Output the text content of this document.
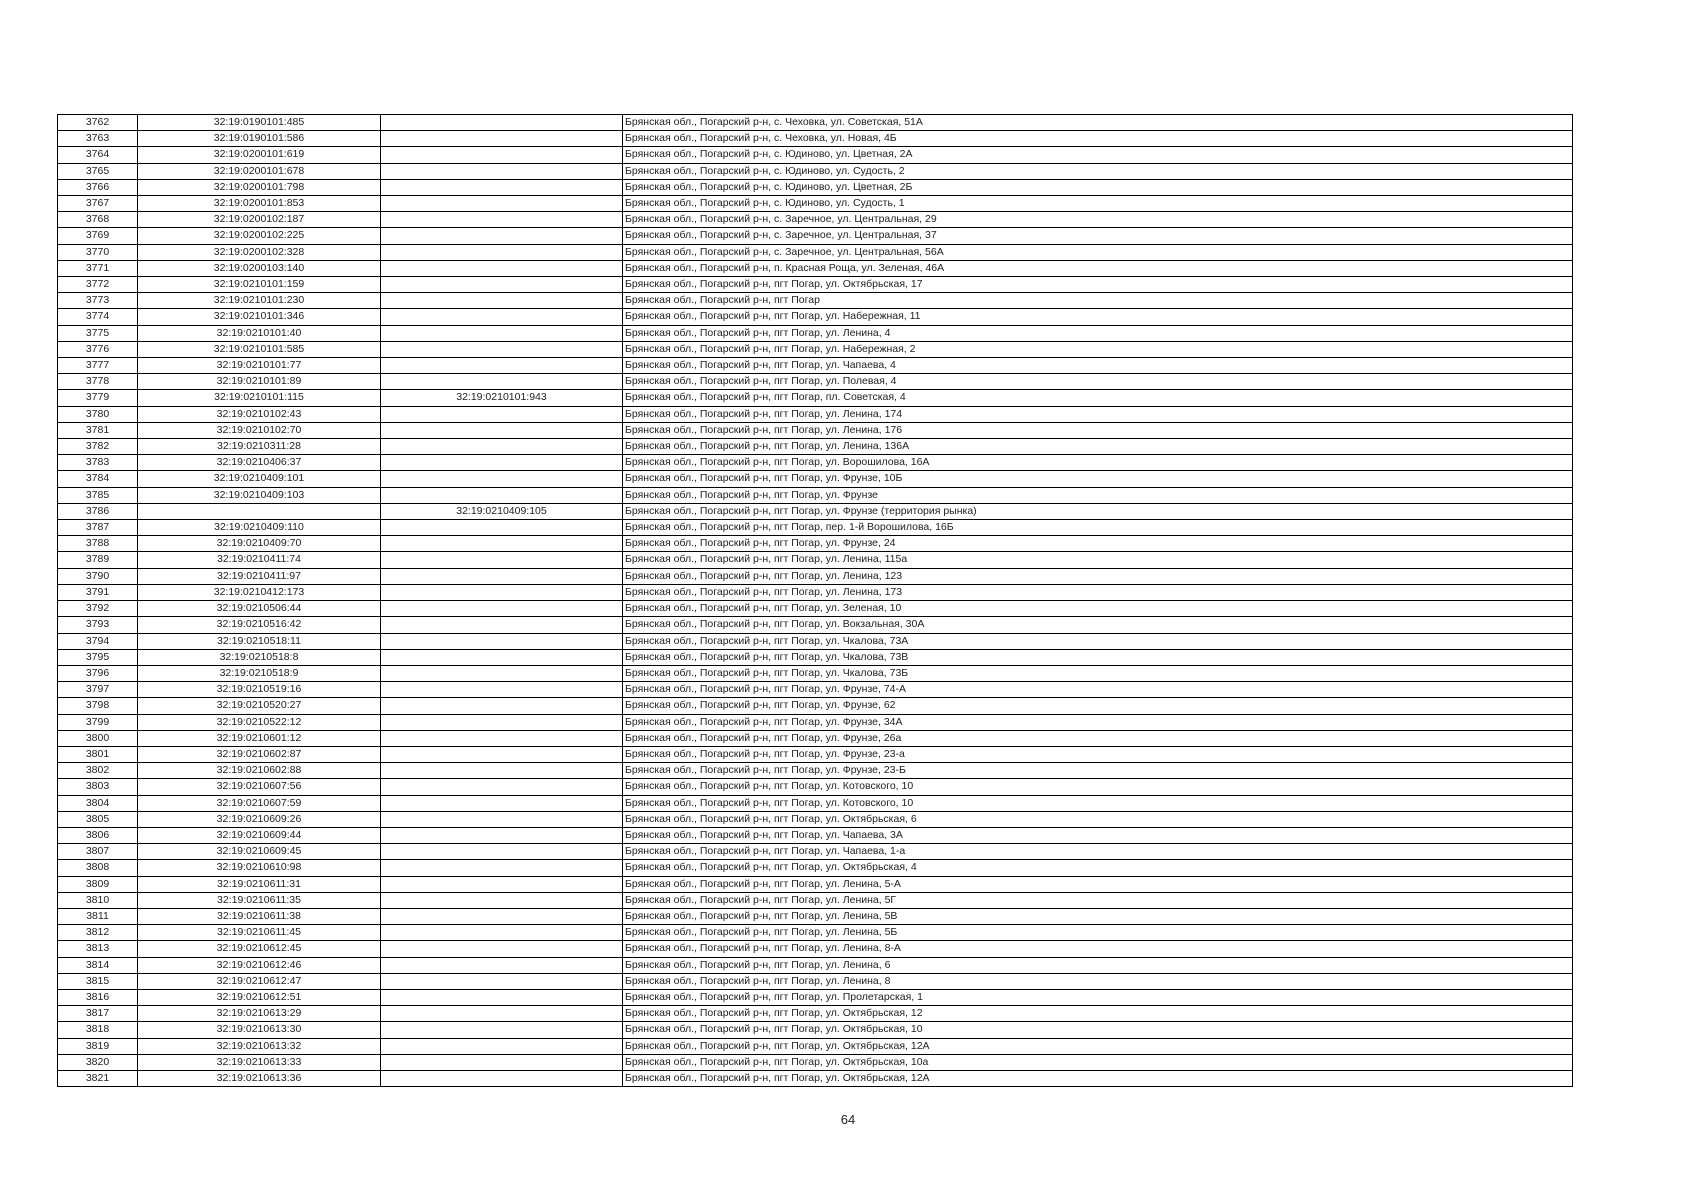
3762	32:19:0190101:485		Брянская обл., Погарский р-н, с. Чеховка, ул. Советская, 51А
3763	32:19:0190101:586		Брянская обл., Погарский р-н, с. Чеховка, ул. Новая, 4Б
3764	32:19:0200101:619		Брянская обл., Погарский р-н, с. Юдиново, ул. Цветная, 2А
3765	32:19:0200101:678		Брянская обл., Погарский р-н, с. Юдиново, ул. Судость, 2
3766	32:19:0200101:798		Брянская обл., Погарский р-н, с. Юдиново, ул. Цветная, 2Б
3767	32:19:0200101:853		Брянская обл., Погарский р-н, с. Юдиново, ул. Судость, 1
3768	32:19:0200102:187		Брянская обл., Погарский р-н, с. Заречное, ул. Центральная, 29
3769	32:19:0200102:225		Брянская обл., Погарский р-н, с. Заречное, ул. Центральная, 37
3770	32:19:0200102:328		Брянская обл., Погарский р-н, с. Заречное, ул. Центральная, 56А
3771	32:19:0200103:140		Брянская обл., Погарский р-н, п. Красная Роща, ул. Зеленая, 46А
3772	32:19:0210101:159		Брянская обл., Погарский р-н, пгт Погар, ул. Октябрьская, 17
3773	32:19:0210101:230		Брянская обл., Погарский р-н, пгт Погар
3774	32:19:0210101:346		Брянская обл., Погарский р-н, пгт Погар, ул. Набережная, 11
3775	32:19:0210101:40		Брянская обл., Погарский р-н, пгт Погар, ул. Ленина, 4
3776	32:19:0210101:585		Брянская обл., Погарский р-н, пгт Погар, ул. Набережная, 2
3777	32:19:0210101:77		Брянская обл., Погарский р-н, пгт Погар, ул. Чапаева, 4
3778	32:19:0210101:89		Брянская обл., Погарский р-н, пгт Погар, ул. Полевая, 4
3779	32:19:0210101:115	32:19:0210101:943	Брянская обл., Погарский р-н, пгт Погар, пл. Советская, 4
3780	32:19:0210102:43		Брянская обл., Погарский р-н, пгт Погар, ул. Ленина, 174
3781	32:19:0210102:70		Брянская обл., Погарский р-н, пгт Погар, ул. Ленина, 176
3782	32:19:0210311:28		Брянская обл., Погарский р-н, пгт Погар, ул. Ленина, 136А
3783	32:19:0210406:37		Брянская обл., Погарский р-н, пгт Погар, ул. Ворошилова, 16А
3784	32:19:0210409:101		Брянская обл., Погарский р-н, пгт Погар, ул. Фрунзе, 10Б
3785	32:19:0210409:103		Брянская обл., Погарский р-н, пгт Погар, ул. Фрунзе
3786		32:19:0210409:105	Брянская обл., Погарский р-н, пгт Погар, ул. Фрунзе (территория рынка)
3787	32:19:0210409:110		Брянская обл., Погарский р-н, пгт Погар, пер. 1-й Ворошилова, 16Б
3788	32:19:0210409:70		Брянская обл., Погарский р-н, пгт Погар, ул. Фрунзе, 24
3789	32:19:0210411:74		Брянская обл., Погарский р-н, пгт Погар, ул. Ленина, 115а
3790	32:19:0210411:97		Брянская обл., Погарский р-н, пгт Погар, ул. Ленина, 123
3791	32:19:0210412:173		Брянская обл., Погарский р-н, пгт Погар, ул. Ленина, 173
3792	32:19:0210506:44		Брянская обл., Погарский р-н, пгт Погар, ул. Зеленая, 10
3793	32:19:0210516:42		Брянская обл., Погарский р-н, пгт Погар, ул. Вокзальная, 30А
3794	32:19:0210518:11		Брянская обл., Погарский р-н, пгт Погар, ул. Чкалова, 73А
3795	32:19:0210518:8		Брянская обл., Погарский р-н, пгт Погар, ул. Чкалова, 73В
3796	32:19:0210518:9		Брянская обл., Погарский р-н, пгт Погар, ул. Чкалова, 73Б
3797	32:19:0210519:16		Брянская обл., Погарский р-н, пгт Погар, ул. Фрунзе, 74-А
3798	32:19:0210520:27		Брянская обл., Погарский р-н, пгт Погар, ул. Фрунзе, 62
3799	32:19:0210522:12		Брянская обл., Погарский р-н, пгт Погар, ул. Фрунзе, 34А
3800	32:19:0210601:12		Брянская обл., Погарский р-н, пгт Погар, ул. Фрунзе, 26а
3801	32:19:0210602:87		Брянская обл., Погарский р-н, пгт Погар, ул. Фрунзе, 23-а
3802	32:19:0210602:88		Брянская обл., Погарский р-н, пгт Погар, ул. Фрунзе, 23-Б
3803	32:19:0210607:56		Брянская обл., Погарский р-н, пгт Погар, ул. Котовского, 10
3804	32:19:0210607:59		Брянская обл., Погарский р-н, пгт Погар, ул. Котовского, 10
3805	32:19:0210609:26		Брянская обл., Погарский р-н, пгт Погар, ул. Октябрьская, 6
3806	32:19:0210609:44		Брянская обл., Погарский р-н, пгт Погар, ул. Чапаева, 3А
3807	32:19:0210609:45		Брянская обл., Погарский р-н, пгт Погар, ул. Чапаева, 1-а
3808	32:19:0210610:98		Брянская обл., Погарский р-н, пгт Погар, ул. Октябрьская, 4
3809	32:19:0210611:31		Брянская обл., Погарский р-н, пгт Погар, ул. Ленина, 5-А
3810	32:19:0210611:35		Брянская обл., Погарский р-н, пгт Погар, ул. Ленина, 5Г
3811	32:19:0210611:38		Брянская обл., Погарский р-н, пгт Погар, ул. Ленина, 5В
3812	32:19:0210611:45		Брянская обл., Погарский р-н, пгт Погар, ул. Ленина, 5Б
3813	32:19:0210612:45		Брянская обл., Погарский р-н, пгт Погар, ул. Ленина, 8-А
3814	32:19:0210612:46		Брянская обл., Погарский р-н, пгт Погар, ул. Ленина, 6
3815	32:19:0210612:47		Брянская обл., Погарский р-н, пгт Погар, ул. Ленина, 8
3816	32:19:0210612:51		Брянская обл., Погарский р-н, пгт Погар, ул. Пролетарская, 1
3817	32:19:0210613:29		Брянская обл., Погарский р-н, пгт Погар, ул. Октябрьская, 12
3818	32:19:0210613:30		Брянская обл., Погарский р-н, пгт Погар, ул. Октябрьская, 10
3819	32:19:0210613:32		Брянская обл., Погарский р-н, пгт Погар, ул. Октябрьская, 12А
3820	32:19:0210613:33		Брянская обл., Погарский р-н, пгт Погар, ул. Октябрьская, 10а
3821	32:19:0210613:36		Брянская обл., Погарский р-н, пгт Погар, ул. Октябрьская, 12А
64
